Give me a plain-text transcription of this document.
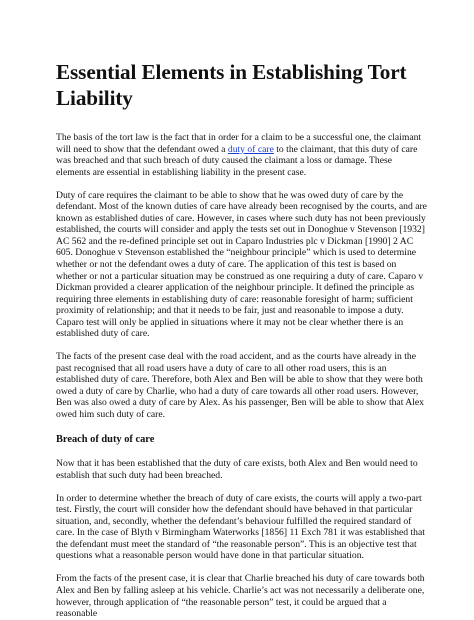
Essential Elements in Establishing Tort Liability

The basis of the tort law is the fact that in order for a claim to be a successful one, the claimant will need to show that the defendant owed a duty of care to the claimant, that this duty of care was breached and that such breach of duty caused the claimant a loss or damage. These elements are essential in establishing liability in the present case.

Duty of care requires the claimant to be able to show that he was owed duty of care by the defendant. Most of the known duties of care have already been recognised by the courts, and are known as established duties of care. However, in cases where such duty has not been previously established, the courts will consider and apply the tests set out in Donoghue v Stevenson [1932] AC 562 and the re-defined principle set out in Caparo Industries plc v Dickman [1990] 2 AC 605. Donoghue v Stevenson established the “neighbour principle” which is used to determine whether or not the defendant owes a duty of care. The application of this test is based on whether or not a particular situation may be construed as one requiring a duty of care. Caparo v Dickman provided a clearer application of the neighbour principle. It defined the principle as requiring three elements in establishing duty of care: reasonable foresight of harm; sufficient proximity of relationship; and that it needs to be fair, just and reasonable to impose a duty. Caparo test will only be applied in situations where it may not be clear whether there is an established duty of care.

The facts of the present case deal with the road accident, and as the courts have already in the past recognised that all road users have a duty of care to all other road users, this is an established duty of care. Therefore, both Alex and Ben will be able to show that they were both owed a duty of care by Charlie, who had a duty of care towards all other road users. However, Ben was also owed a duty of care by Alex. As his passenger, Ben will be able to show that Alex owed him such duty of care.

Breach of duty of care

Now that it has been established that the duty of care exists, both Alex and Ben would need to establish that such duty had been breached.

In order to determine whether the breach of duty of care exists, the courts will apply a two-part test. Firstly, the court will consider how the defendant should have behaved in that particular situation, and, secondly, whether the defendant’s behaviour fulfilled the required standard of care. In the case of Blyth v Birmingham Waterworks [1856] 11 Exch 781 it was established that the defendant must meet the standard of “the reasonable person”. This is an objective test that questions what a reasonable person would have done in that particular situation.

From the facts of the present case, it is clear that Charlie breached his duty of care towards both Alex and Ben by falling asleep at his vehicle. Charlie’s act was not necessarily a deliberate one, however, through application of “the reasonable person” test, it could be argued that a reasonable
